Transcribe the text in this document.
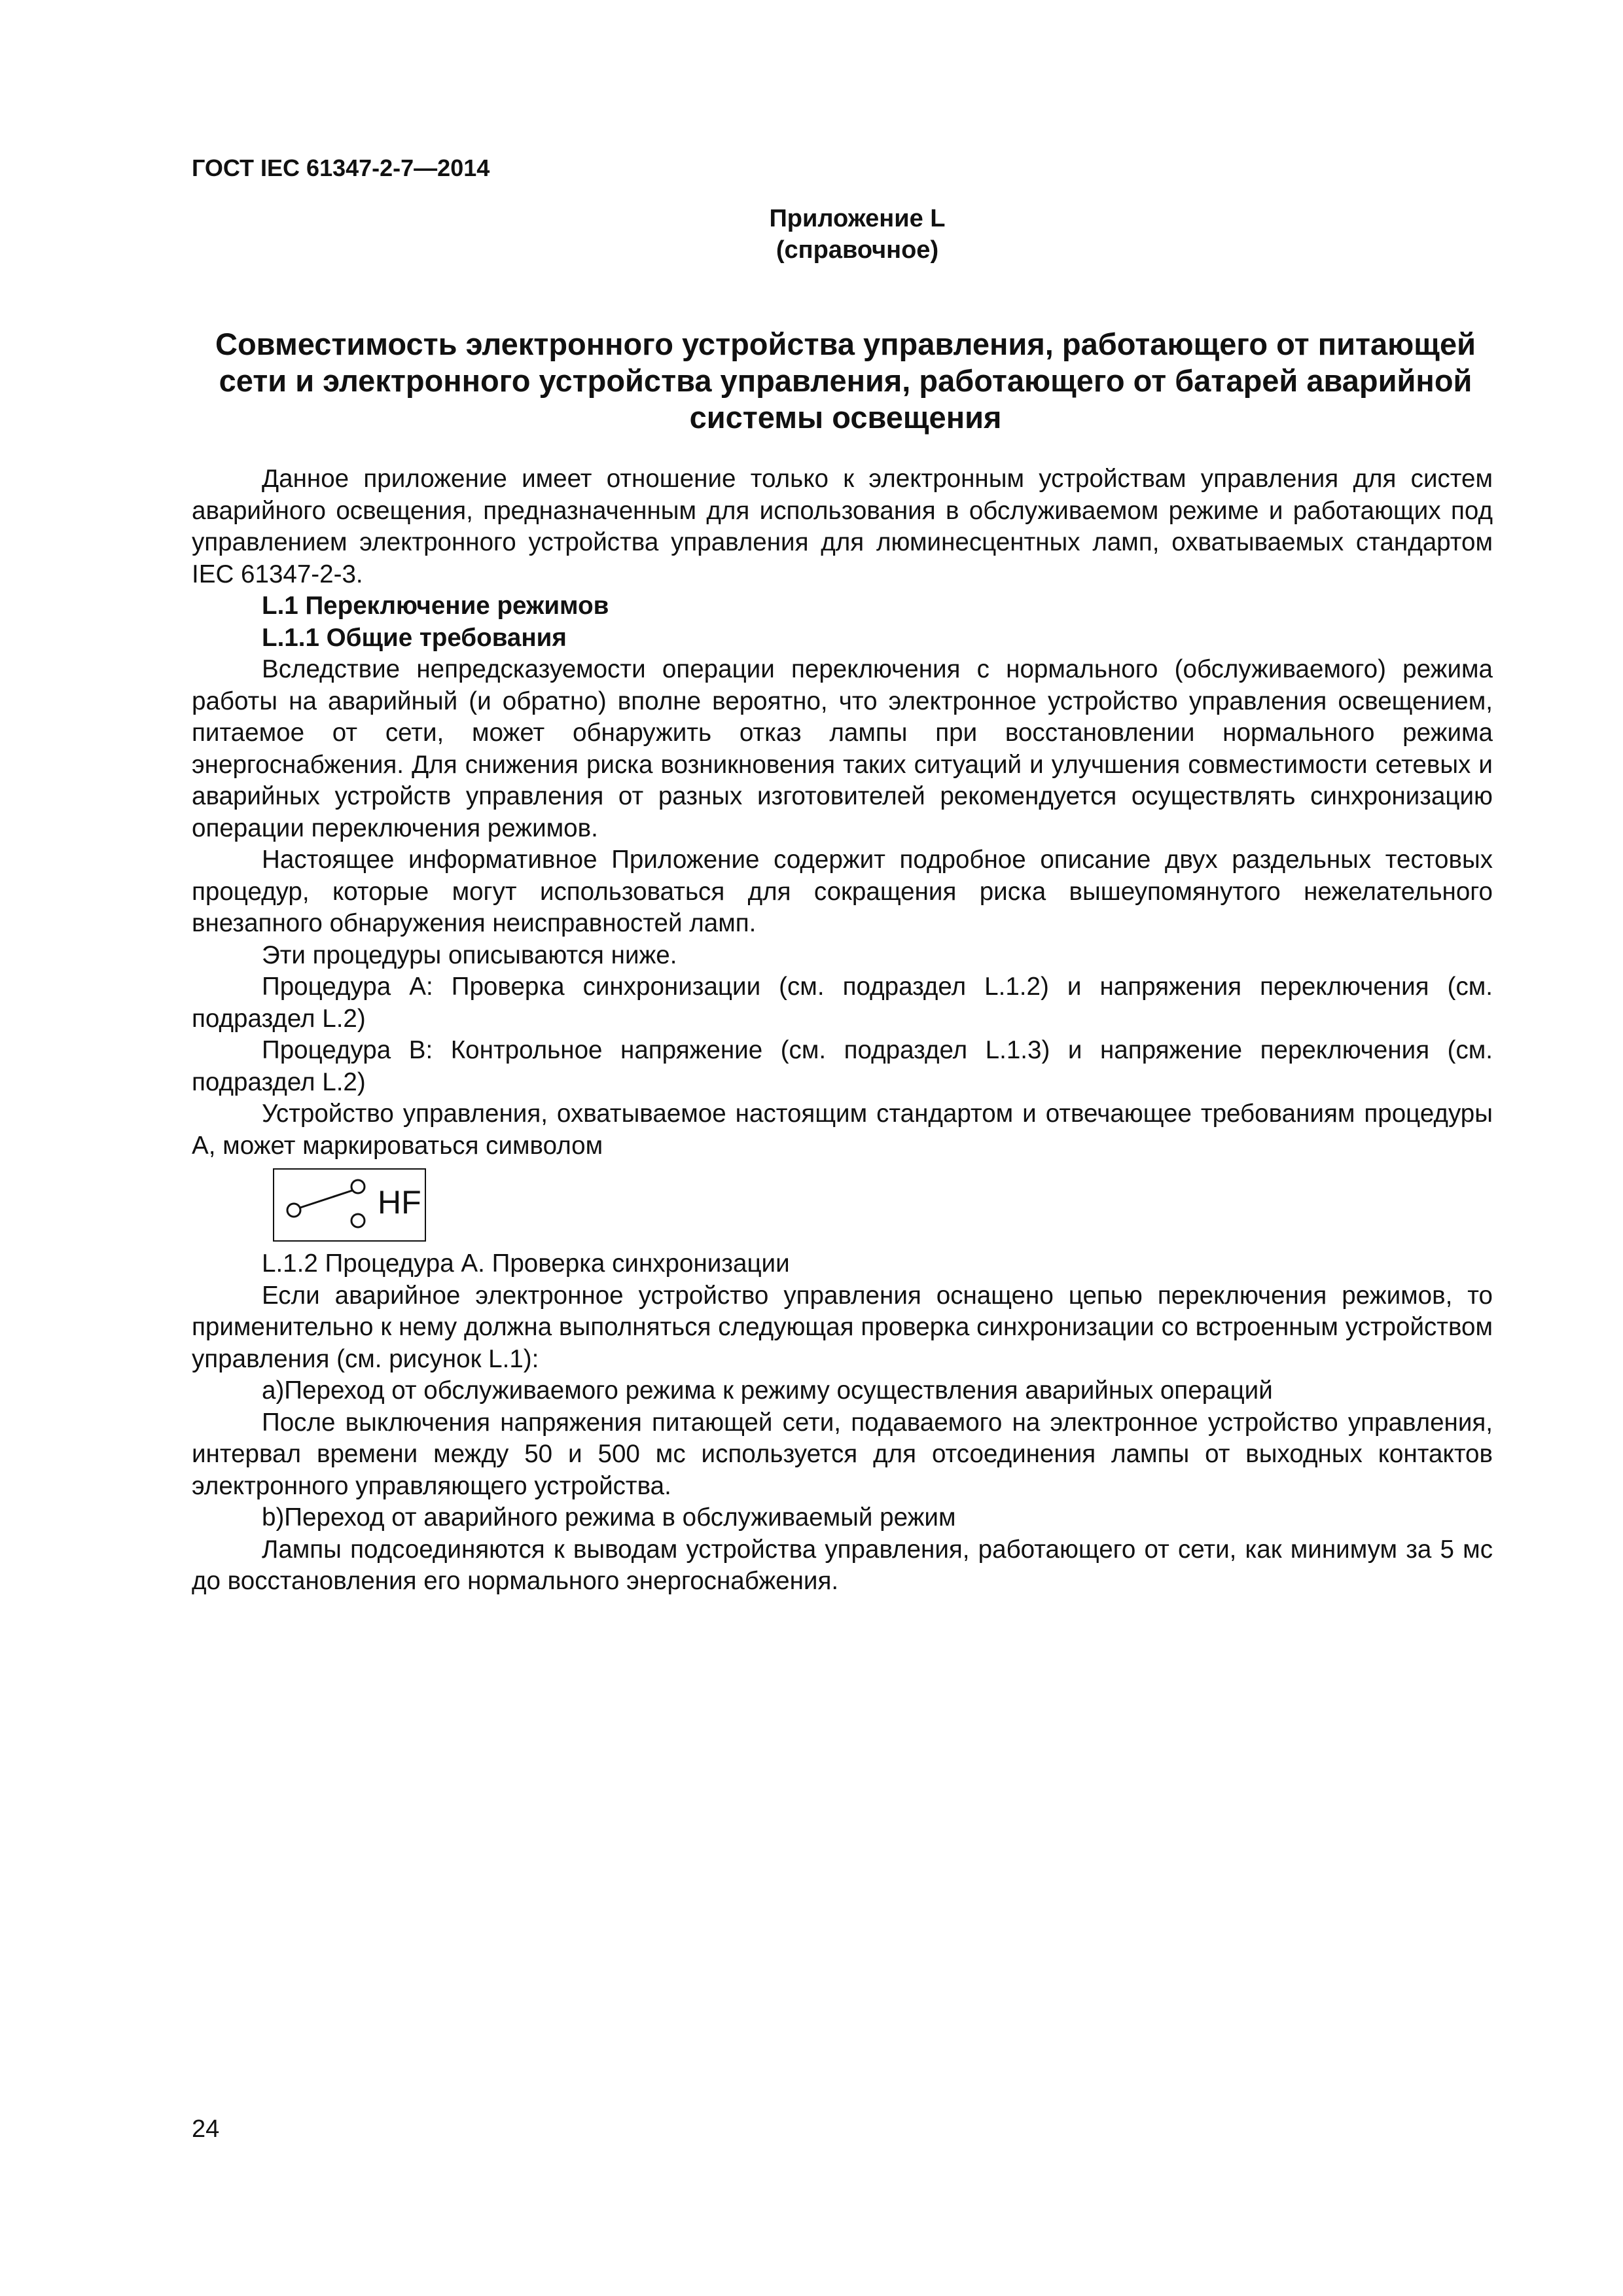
ГОСТ IEC 61347-2-7—2014
Приложение L
(справочное)
Совместимость электронного устройства управления, работающего от питающей сети и электронного устройства управления, работающего от батарей аварийной системы освещения

Данное приложение имеет отношение только к электронным устройствам управления для систем аварийного освещения, предназначенным для использования в обслуживаемом режиме и работающих под управлением электронного устройства управления для люминесцентных ламп, охватываемых стандартом IEC 61347-2-3.

L.1 Переключение режимов

L.1.1 Общие требования

Вследствие непредсказуемости операции переключения с нормального (обслуживаемого) режима работы на аварийный (и обратно) вполне вероятно, что электронное устройство управления освещением, питаемое от сети, может обнаружить отказ лампы при восстановлении нормального режима энергоснабжения. Для снижения риска возникновения таких ситуаций и улучшения совместимости сетевых и аварийных устройств управления от разных изготовителей рекомендуется осуществлять синхронизацию операции переключения режимов.

Настоящее информативное Приложение содержит подробное описание двух раздельных тестовых процедур, которые могут использоваться для сокращения риска вышеупомянутого нежелательного внезапного обнаружения неисправностей ламп.

Эти процедуры описываются ниже.

Процедура А: Проверка синхронизации (см. подраздел L.1.2) и напряжения переключения (см. подраздел L.2)

Процедура В: Контрольное напряжение (см. подраздел L.1.3) и напряжение переключения (см. подраздел L.2)

Устройство управления, охватываемое настоящим стандартом и отвечающее требованиям процедуры А, может маркироваться символом

HF

L.1.2 Процедура А. Проверка синхронизации

Если аварийное электронное устройство управления оснащено цепью переключения режимов, то применительно к нему должна выполняться следующая проверка синхронизации со встроенным устройством управления (см. рисунок L.1):

a)Переход от обслуживаемого режима к режиму осуществления аварийных операций

После выключения напряжения питающей сети, подаваемого на электронное устройство управления, интервал времени между 50 и 500 мс используется для отсоединения лампы от выходных контактов электронного управляющего устройства.

b)Переход от аварийного режима в обслуживаемый режим

Лампы подсоединяются к выводам устройства управления, работающего от сети, как минимум за 5 мс до восстановления его нормального энергоснабжения.

24
